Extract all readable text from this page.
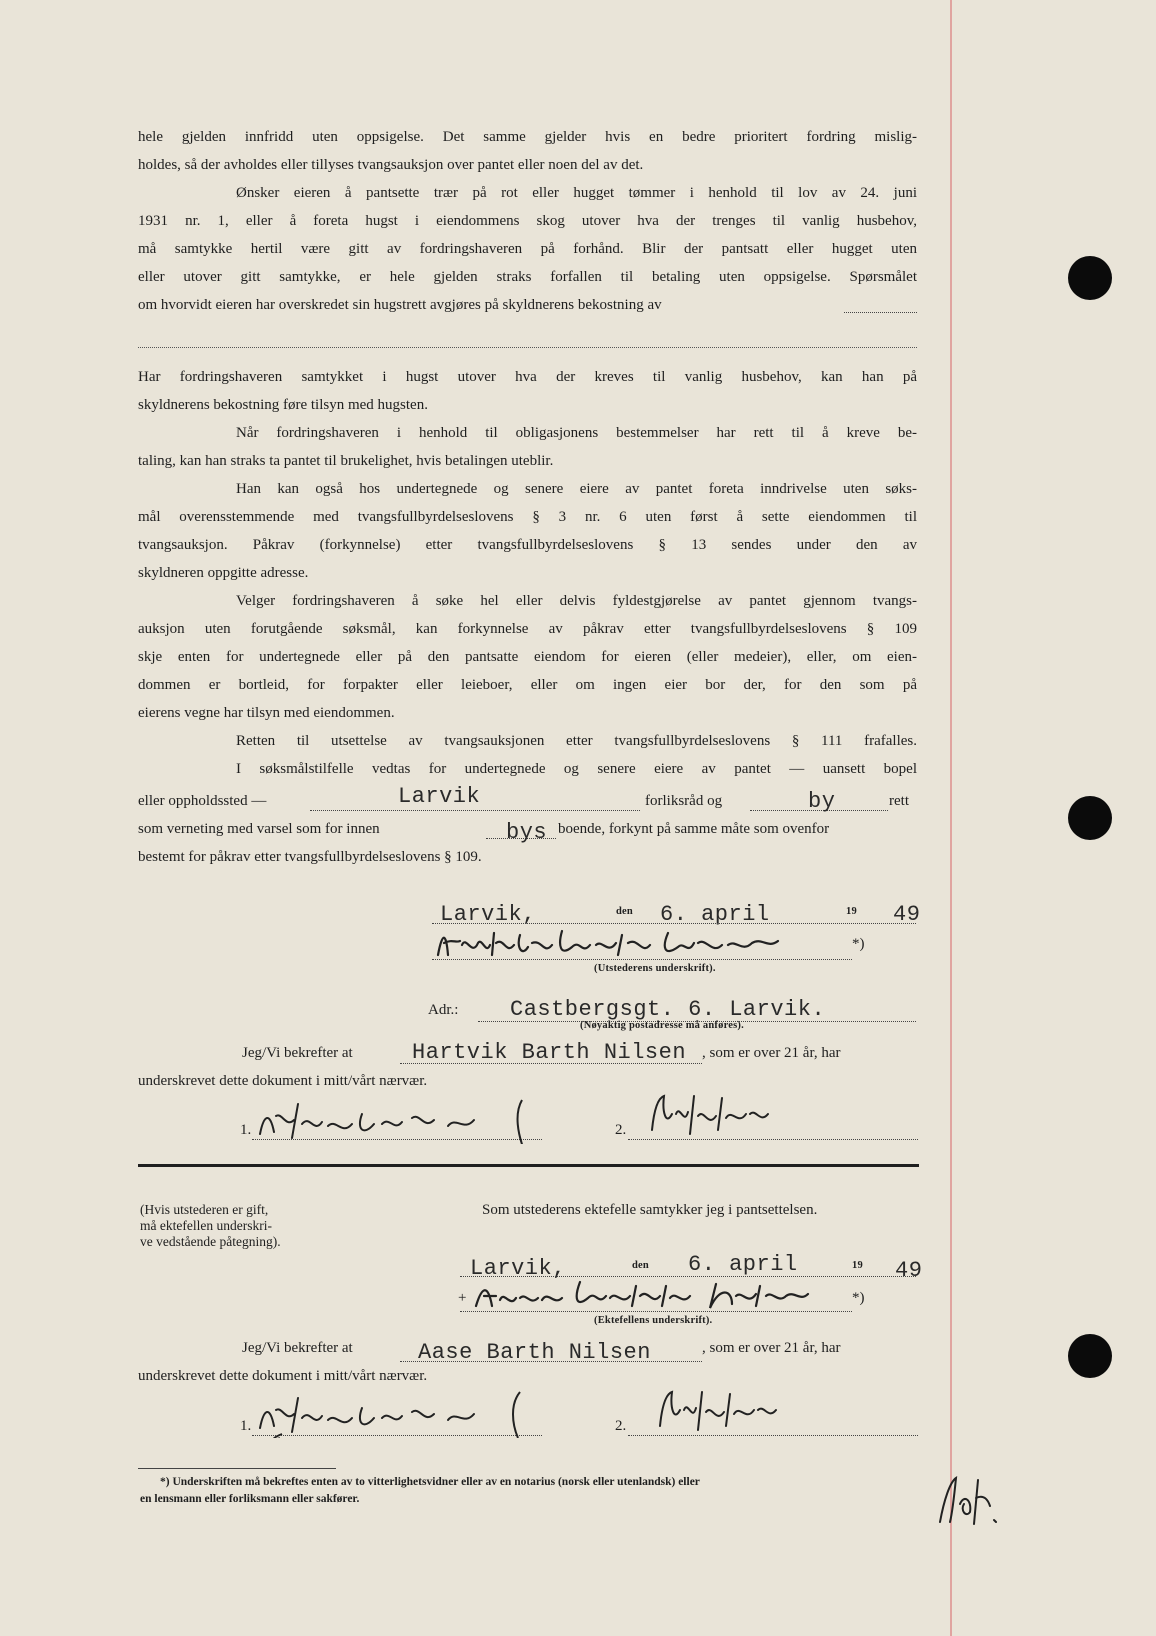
hele gjelden innfridd uten oppsigelse. Det samme gjelder hvis en bedre prioritert fordring mislig-
holdes, så der avholdes eller tillyses tvangsauksjon over pantet eller noen del av det.
Ønsker eieren å pantsette trær på rot eller hugget tømmer i henhold til lov av 24. juni
1931 nr. 1, eller å foreta hugst i eiendommens skog utover hva der trenges til vanlig husbehov,
må samtykke hertil være gitt av fordringshaveren på forhånd. Blir der pantsatt eller hugget uten
eller utover gitt samtykke, er hele gjelden straks forfallen til betaling uten oppsigelse. Spørsmålet
om hvorvidt eieren har overskredet sin hugstrett avgjøres på skyldnerens bekostning av
Har fordringshaveren samtykket i hugst utover hva der kreves til vanlig husbehov, kan han på
skyldnerens bekostning føre tilsyn med hugsten.
Når fordringshaveren i henhold til obligasjonens bestemmelser har rett til å kreve be-
taling, kan han straks ta pantet til brukelighet, hvis betalingen uteblir.
Han kan også hos undertegnede og senere eiere av pantet foreta inndrivelse uten søks-
mål overensstemmende med tvangsfullbyrdelseslovens § 3 nr. 6 uten først å sette eiendommen til
tvangsauksjon. Påkrav (forkynnelse) etter tvangsfullbyrdelseslovens § 13 sendes under den av
skyldneren oppgitte adresse.
Velger fordringshaveren å søke hel eller delvis fyldestgjørelse av pantet gjennom tvangs-
auksjon uten forutgående søksmål, kan forkynnelse av påkrav etter tvangsfullbyrdelseslovens § 109
skje enten for undertegnede eller på den pantsatte eiendom for eieren (eller medeier), eller, om eien-
dommen er bortleid, for forpakter eller leieboer, eller om ingen eier bor der, for den som på
eierens vegne har tilsyn med eiendommen.
Retten til utsettelse av tvangsauksjonen etter tvangsfullbyrdelseslovens § 111 frafalles.
I søksmålstilfelle vedtas for undertegnede og senere eiere av pantet — uansett bopel
eller oppholdssted —	Larvik	forliksråd og	by	rett
som verneting med varsel som for innen	bys boende, forkynt på samme måte som ovenfor
bestemt for påkrav etter tvangsfullbyrdelseslovens § 109.
Larvik,	den 6. april	19 49
*)
(Utstederens underskrift).
Adr.: Castbergsgt. 6. Larvik.
(Nøyaktig postadresse må anføres).
Jeg/Vi bekrefter at	Hartvik Barth Nilsen , som er over 21 år, har
underskrevet dette dokument i mitt/vårt nærvær.
1.	2.
(Hvis utstederen er gift,
må ektefellen underskri-
ve vedstående påtegning).
Som utstederens ektefelle samtykker jeg i pantsettelsen.
Larvik,	den 6. april	19 49
+	*)
(Ektefellens underskrift).
Jeg/Vi bekrefter at	Aase Barth Nilsen	, som er over 21 år, har
underskrevet dette dokument i mitt/vårt nærvær.
1.	2.
*) Underskriften må bekreftes enten av to vitterlighetsvidner eller av en notarius (norsk eller utenlandsk) eller
en lensmann eller forliksmann eller sakfører.
